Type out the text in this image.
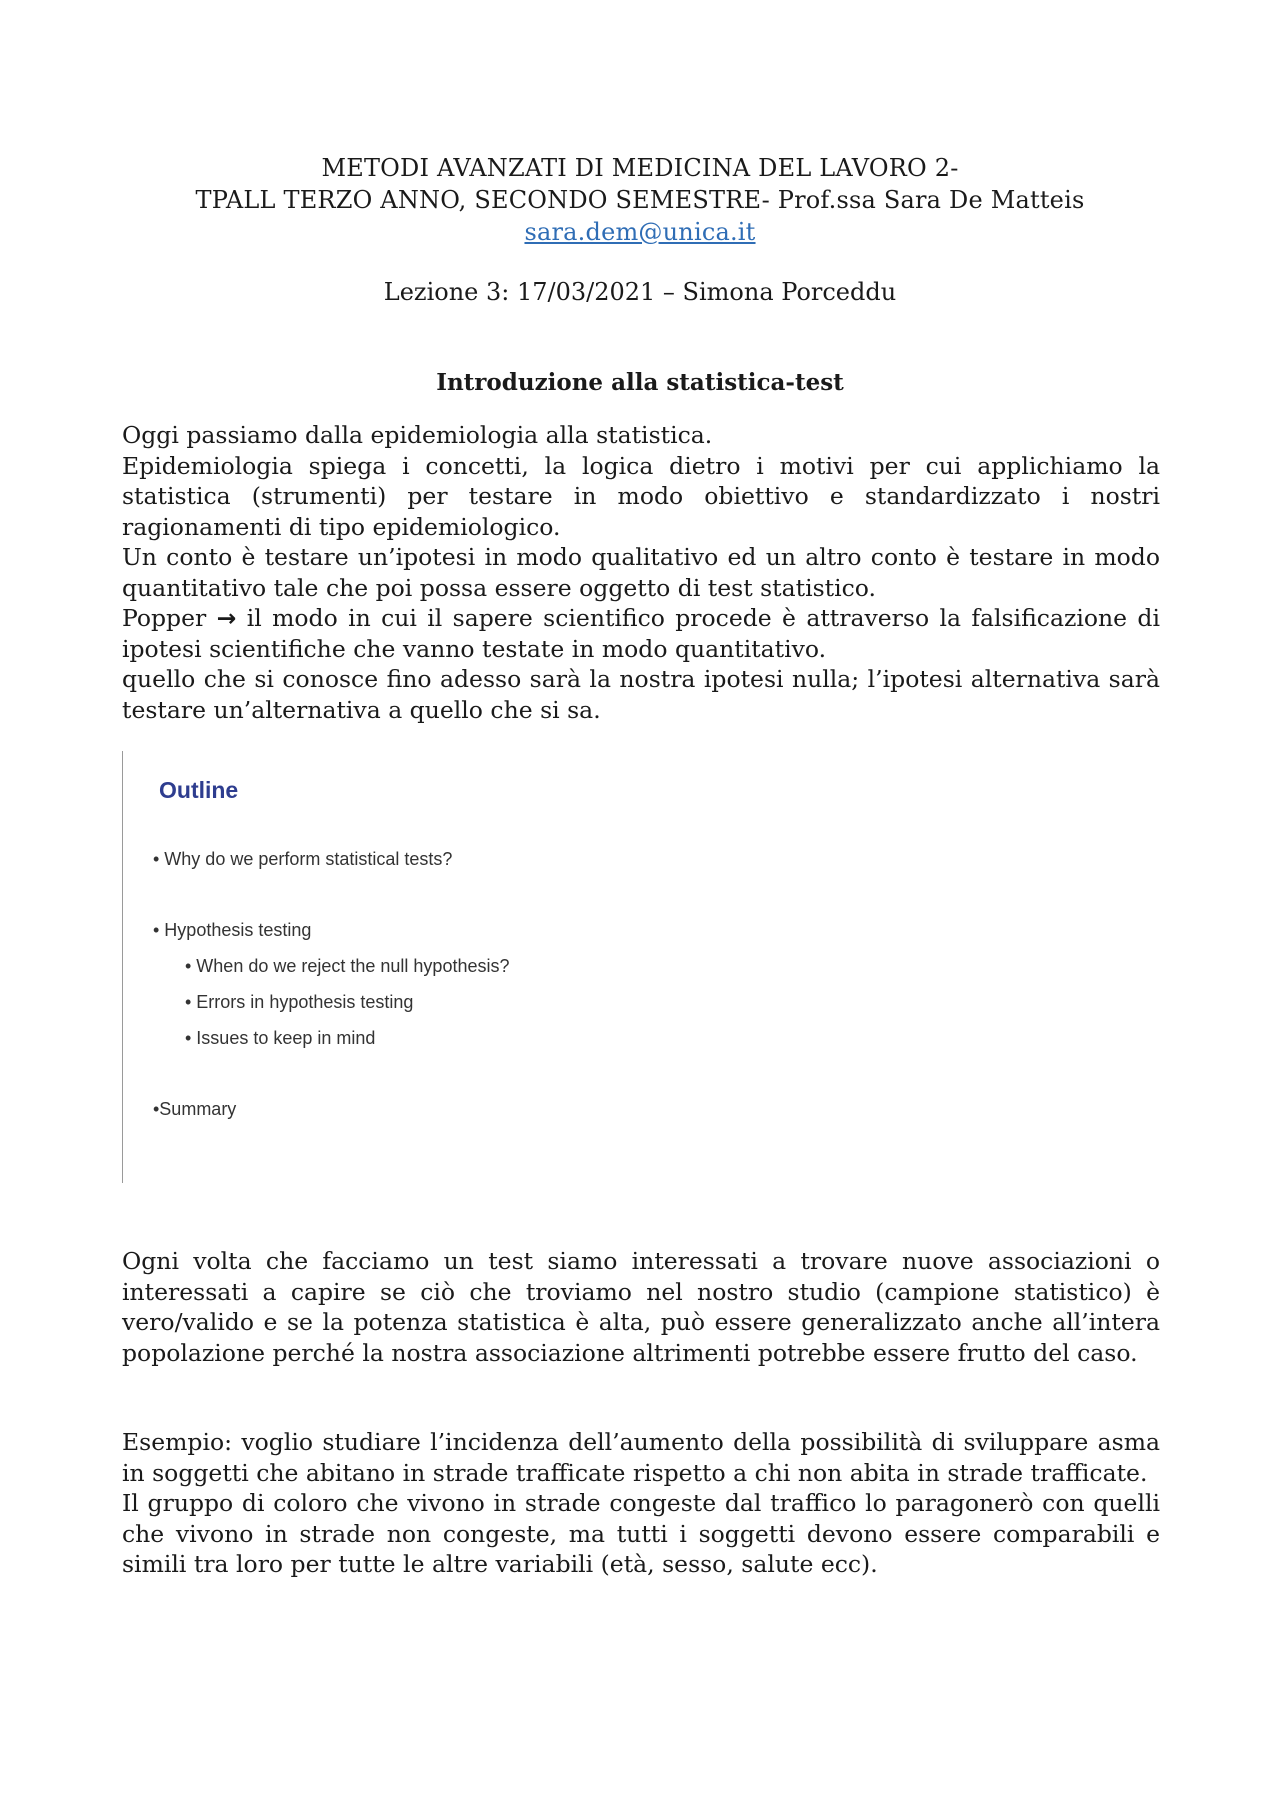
METODI AVANZATI DI MEDICINA DEL LAVORO 2-
TPALL TERZO ANNO, SECONDO SEMESTRE- Prof.ssa Sara De Matteis
sara.dem@unica.it
Lezione 3: 17/03/2021 – Simona Porceddu
Introduzione alla statistica-test

Oggi passiamo dalla epidemiologia alla statistica.

Epidemiologia spiega i concetti, la logica dietro i motivi per cui applichiamo la statistica (strumenti) per testare in modo obiettivo e standardizzato i nostri ragionamenti di tipo epidemiologico.

Un conto è testare un’ipotesi in modo qualitativo ed un altro conto è testare in modo quantitativo tale che poi possa essere oggetto di test statistico.

Popper → il modo in cui il sapere scientifico procede è attraverso la falsificazione di ipotesi scientifiche che vanno testate in modo quantitativo.

quello che si conosce fino adesso sarà la nostra ipotesi nulla; l’ipotesi alternativa sarà testare un’alternativa a quello che si sa.

Outline
• Why do we perform statistical tests?
• Hypothesis testing
• When do we reject the null hypothesis?
• Errors in hypothesis testing
• Issues to keep in mind
•Summary

Ogni volta che facciamo un test siamo interessati a trovare nuove associazioni o interessati a capire se ciò che troviamo nel nostro studio (campione statistico) è vero/valido e se la potenza statistica è alta, può essere generalizzato anche all’intera popolazione perché la nostra associazione altrimenti potrebbe essere frutto del caso.

Esempio: voglio studiare l’incidenza dell’aumento della possibilità di sviluppare asma in soggetti che abitano in strade trafficate rispetto a chi non abita in strade trafficate.

Il gruppo di coloro che vivono in strade congeste dal traffico lo paragonerò con quelli che vivono in strade non congeste, ma tutti i soggetti devono essere comparabili e simili tra loro per tutte le altre variabili (età, sesso, salute ecc).
